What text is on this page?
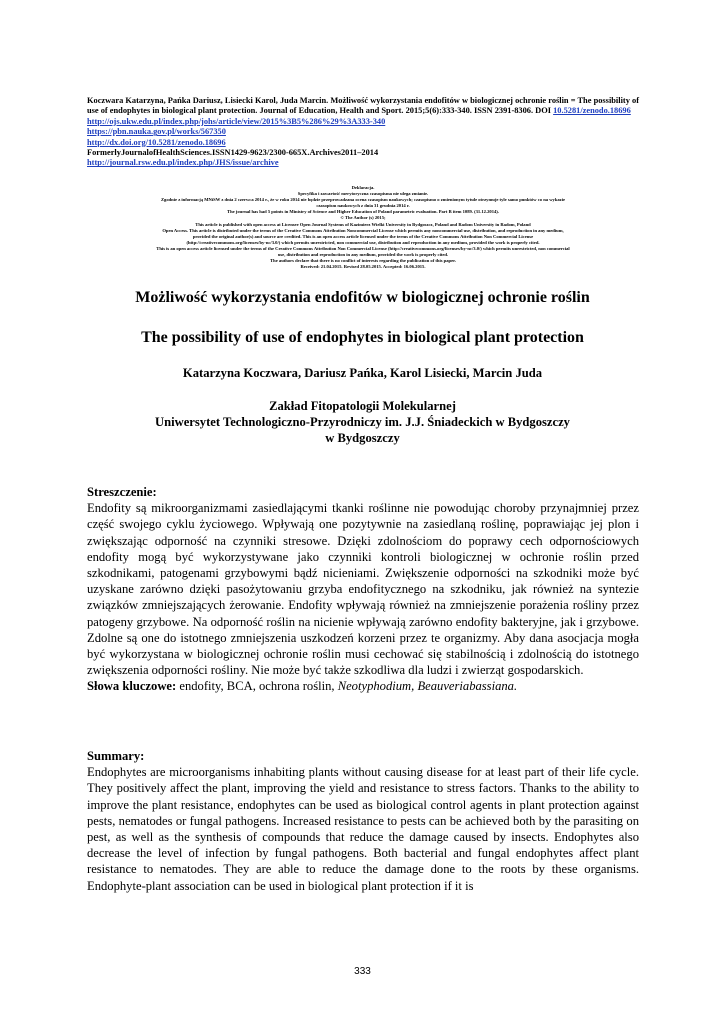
Koczwara Katarzyna, Pańka Dariusz, Lisiecki Karol, Juda Marcin. Możliwość wykorzystania endofitów w biologicznej ochronie roślin = The possibility of use of endophytes in biological plant protection. Journal of Education, Health and Sport. 2015;5(6):333-340. ISSN 2391-8306. DOI 10.5281/zenodo.18696
http://ojs.ukw.edu.pl/index.php/johs/article/view/2015%3B5%286%29%3A333-340
https://pbn.nauka.gov.pl/works/567350
http://dx.doi.org/10.5281/zenodo.18696
FormerlyJournalofHealthSciences.ISSN1429-9623/2300-665X.Archives2011–2014
http://journal.rsw.edu.pl/index.php/JHS/issue/archive
Deklaracja.
Specyfika i zawartość merytoryczna czasopisma nie ulega zmianie.
Zgodnie z informacją MNiSW z dnia 2 czerwca 2014 r., że w roku 2014 nie będzie przeprowadzana ocena czasopism naukowych; czasopismo o zmienionym tytule otrzymuje tyle samo punktów co na wykazie
czasopism naukowych z dnia 31 grudnia 2014 r.
The journal has had 5 points in Ministry of Science and Higher Education of Poland parametric evaluation. Part B item 1089. (31.12.2014).
© The Author (s) 2015;
This article is published with open access at Licensee Open Journal Systems of Kazimierz Wielki University in Bydgoszcz, Poland and Radom University in Radom, Poland
Open Access. This article is distributed under the terms of the Creative Commons Attribution Noncommercial License which permits any noncommercial use, distribution, and reproduction in any medium,
provided the original author(s) and source are credited. This is an open access article licensed under the terms of the Creative Commons Attribution Non Commercial License
(http://creativecommons.org/licenses/by-nc/3.0/) which permits unrestricted, non commercial use, distribution and reproduction in any medium, provided the work is properly cited.
This is an open access article licensed under the terms of the Creative Commons Attribution Non Commercial License (http://creativecommons.org/licenses/by-nc/3.0/) which permits unrestricted, non commercial
use, distribution and reproduction in any medium, provided the work is properly cited.
The authors declare that there is no conflict of interests regarding the publication of this paper.
Received: 21.04.2015. Revised 28.05.2015. Accepted: 16.06.2015.
Możliwość wykorzystania endofitów w biologicznej ochronie roślin
The possibility of use of endophytes in biological plant protection
Katarzyna Koczwara, Dariusz Pańka, Karol Lisiecki, Marcin Juda
Zakład Fitopatologii Molekularnej
Uniwersytet Technologiczno-Przyrodniczy im. J.J. Śniadeckich w Bydgoszczy
w Bydgoszczy
Streszczenie:
Endofity są mikroorganizmami zasiedlającymi tkanki roślinne nie powodując choroby przynajmniej przez część swojego cyklu życiowego. Wpływają one pozytywnie na zasiedlaną roślinę, poprawiając jej plon i zwiększając odporność na czynniki stresowe. Dzięki zdolnościom do poprawy cech odpornościowych endofity mogą być wykorzystywane jako czynniki kontroli biologicznej w ochronie roślin przed szkodnikami, patogenami grzybowymi bądź nicieniami. Zwiększenie odporności na szkodniki może być uzyskane zarówno dzięki pasożytowaniu grzyba endofitycznego na szkodniku, jak również na syntezie związków zmniejszających żerowanie. Endofity wpływają również na zmniejszenie porażenia rośliny przez patogeny grzybowe. Na odporność roślin na nicienie wpływają zarówno endofity bakteryjne, jak i grzybowe. Zdolne są one do istotnego zmniejszenia uszkodzeń korzeni przez te organizmy. Aby dana asocjacja mogła być wykorzystana w biologicznej ochronie roślin musi cechować się stabilnością i zdolnością do istotnego zwiększenia odporności rośliny. Nie może być także szkodliwa dla ludzi i zwierząt gospodarskich.
Słowa kluczowe: endofity, BCA, ochrona roślin, Neotyphodium, Beauveriabassiana.
Summary:
Endophytes are microorganisms inhabiting plants without causing disease for at least part of their life cycle. They positively affect the plant, improving the yield and resistance to stress factors. Thanks to the ability to improve the plant resistance, endophytes can be used as biological control agents in plant protection against pests, nematodes or fungal pathogens. Increased resistance to pests can be achieved both by the parasiting on pest, as well as the synthesis of compounds that reduce the damage caused by insects. Endophytes also decrease the level of infection by fungal pathogens. Both bacterial and fungal endophytes affect plant resistance to nematodes. They are able to reduce the damage done to the roots by these organisms. Endophyte-plant association can be used in biological plant protection if it is
333
